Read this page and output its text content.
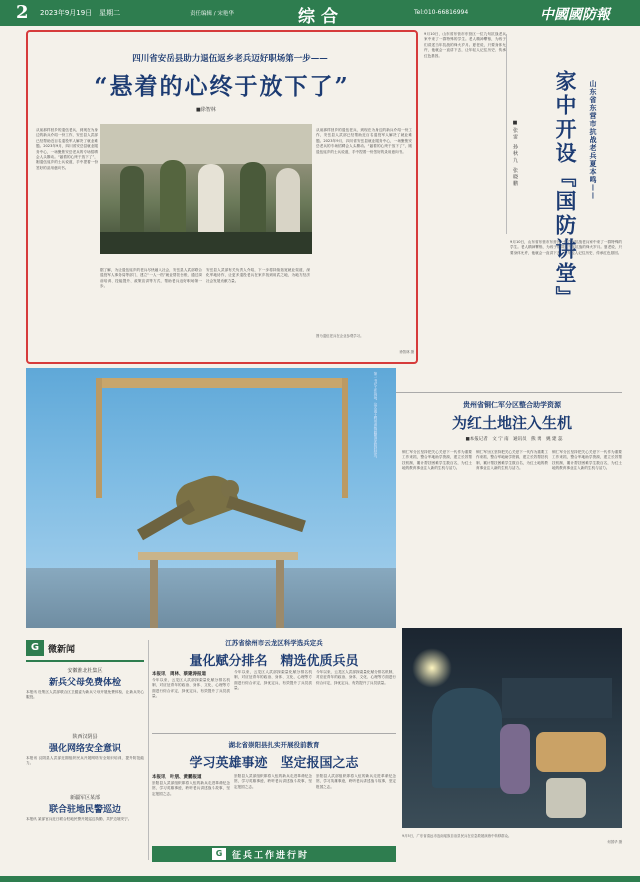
2 2023年9月19日　星期二	责任编辑 / 宋艳华	综合	Tel:010-66816994	中國國防報
四川省安岳县助力退伍返乡老兵迈好职场第一步——
“悬着的心终于放下了”
■徐智林
从前那样回乡的退伍老兵，到现在为身边的新兵介绍一份工作，安岳县人武部已经帮助近百名退役军人解决了就业难题。2023年9月，四川省安岳县就业服务中心，一场聚焦安岳老兵的专场招聘会人头攒动。“悬着的心终于放下了”，刚退伍返乡的士兵说道，手中捏着一份签好的录用意向书。
据了解，为让退伍返乡的老兵尽快融入社会，安岳县人武部联合退役军人事务局等部门，建立“一人一档”就业帮扶台账，通过岗前培训、技能提升、政策宣讲等方式，帮助老兵迈好职场第一步。
安岳县人武部有关负责人介绍，下一步将持续拓宽就业渠道，深化军地协作，让更多退役老兵在家乡找到用武之地，为地方经济社会发展贡献力量。
从前那样回乡的退伍老兵，到现在为身边的新兵介绍一份工作，安岳县人武部已经帮助近百名退役军人解决了就业难题。2023年9月，四川省安岳县就业服务中心，一场聚焦安岳老兵的专场招聘会人头攒动。“悬着的心终于放下了”，刚退伍返乡的士兵说道，手中捏着一份签好的录用意向书。
图为退伍老兵在企业参观学习。
徐智林 摄
9月10日，山东省东营市东营区一位九旬抗战老兵家中来了一群特殊的学生。老人精神矍铄，为孩子们讲述当年抗战的烽火岁月。夏老说，只要身体允许，他就会一直讲下去，让年轻人记住历史、传承红色基因。
9月10日，山东省东营市东营区一位九旬抗战老兵家中来了一群特殊的学生。老人精神矍铄，为孩子们讲述当年抗战的烽火岁月。夏老说，只要身体允许，他就会一直讲下去，让年轻人记住历史、传承红色基因。
■ 张 雷　孙 秋 九　张 晓 鹏 家中开设『国防讲堂』 山东省东营市抗战老兵夏本鸣——
第一书记工作现场。这名战士利用训练间隙讲述驻村经历。	贵州省铜仁军分区整合助学资源
为红土地注入生机
■本报记者　文 宁 南　通讯员　熊 勇　姚 建 蕊
铜仁军分区坚持把关心关爱下一代作为重要工作来抓，整合军地助学资源，建立长效帮扶机制，累计帮扶困难学生数百名，为红土地的教育事业注入新的生机与活力。
铜仁军分区坚持把关心关爱下一代作为重要工作来抓，整合军地助学资源，建立长效帮扶机制，累计帮扶困难学生数百名，为红土地的教育事业注入新的生机与活力。
铜仁军分区坚持把关心关爱下一代作为重要工作来抓，整合军地助学资源，建立长效帮扶机制，累计帮扶困难学生数百名，为红土地的教育事业注入新的生机与活力。
9月5日，广东省清远市连南瑶族自治县民兵在应急救援演练中转移群众。
何国华 摄
G 微新闻
安徽淮北杜集区
新兵父母免费体检
本报讯 杜集区人武部联合区卫健委为新兵父母开展免费体检，让新兵安心服役。
陕西汉阴县
强化网络安全意识
本报讯 汉阴县人武部近期组织民兵开展网络安全知识培训，提升防范能力。
新疆军区某部
联合驻地民警巡边
本报讯 某部官兵近日联合驻地民警开展巡边执勤，共护边境安宁。
江苏省徐州市云龙区科学选兵定兵
量化赋分排名　精选优质兵员
本报讯　周林、蔡建涛报道
今年以来，云龙区人武部探索量化赋分排名机制，对应征青年的政治、身体、文化、心理等方面进行综合评定，择优定兵，有效提升了兵员质量。
今年以来，云龙区人武部探索量化赋分排名机制，对应征青年的政治、身体、文化、心理等方面进行综合评定，择优定兵，有效提升了兵员质量。
今年以来，云龙区人武部探索量化赋分排名机制，对应征青年的政治、身体、文化、心理等方面进行综合评定，择优定兵，有效提升了兵员质量。
湖北省崇阳县扎实开展役前教育
学习英雄事迹　坚定报国之志
本报讯　叶朋、黄鹏报道
崇阳县人武部组织即将入伍的新兵走进革命纪念馆，学习英雄事迹，聆听老兵讲述战斗故事，坚定报国之志。
崇阳县人武部组织即将入伍的新兵走进革命纪念馆，学习英雄事迹，聆听老兵讲述战斗故事，坚定报国之志。
崇阳县人武部组织即将入伍的新兵走进革命纪念馆，学习英雄事迹，聆听老兵讲述战斗故事，坚定报国之志。
G	征兵工作进行时
